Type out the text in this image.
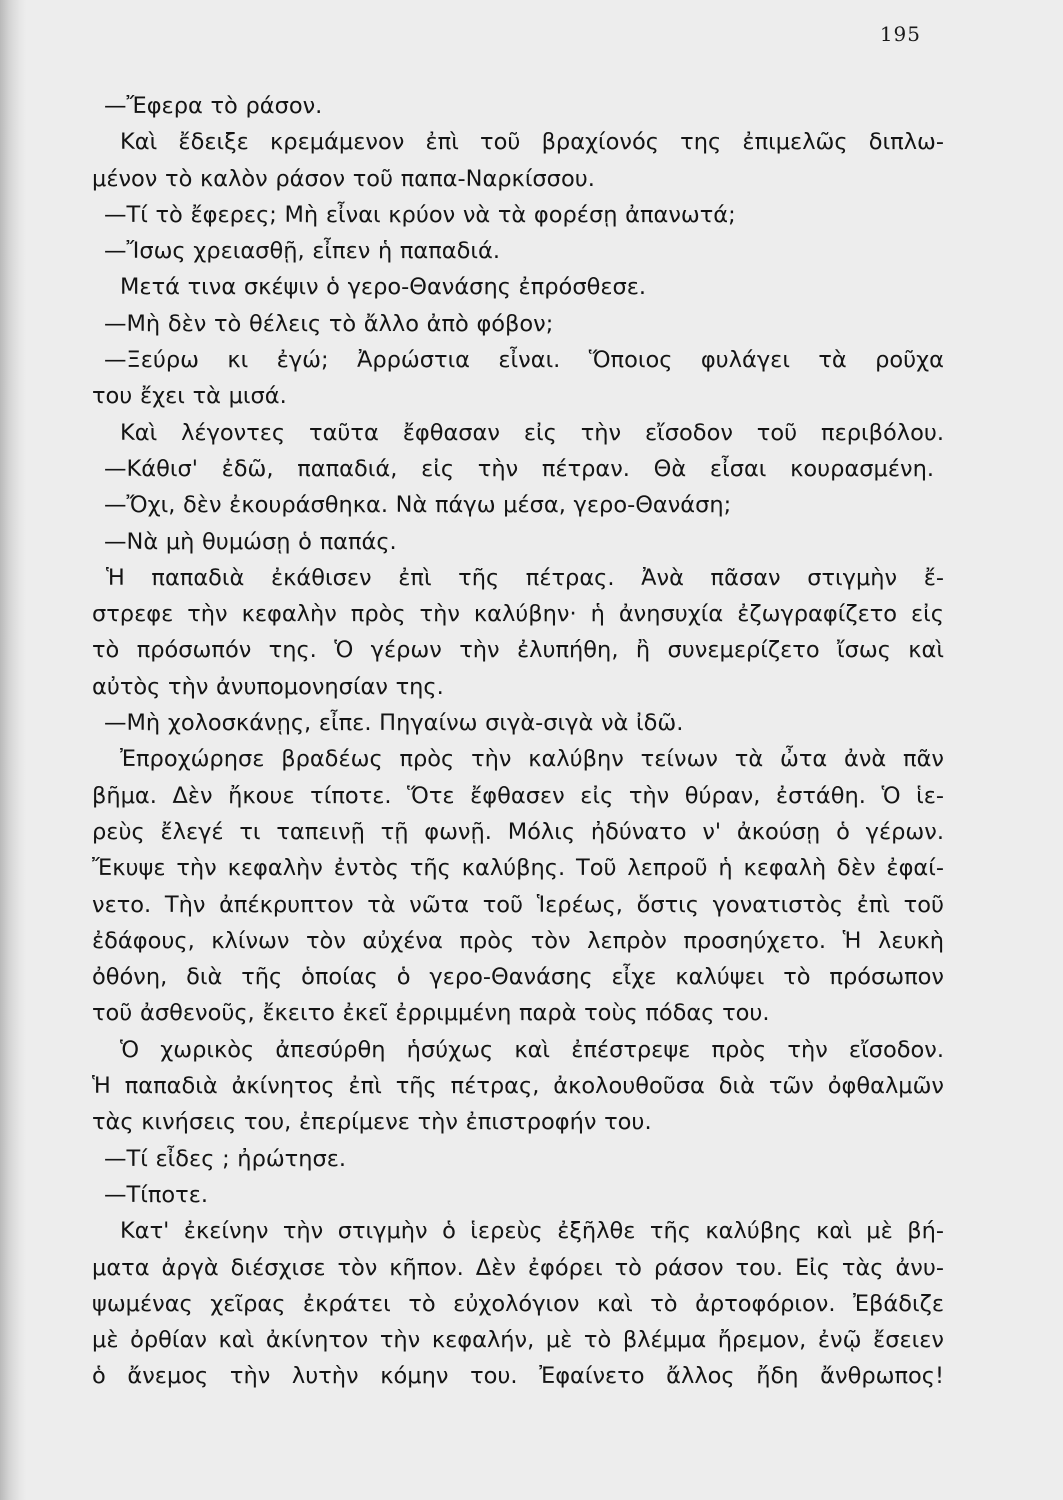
195
—Ἔφερα τὸ ράσον.
Καὶ ἔδειξε κρεμάμενον ἐπὶ τοῦ βραχίονός της ἐπιμελῶς διπλω-
μένον τὸ καλὸν ράσον τοῦ παπα-Ναρκίσσου.
—Τί τὸ ἔφερες; Μὴ εἶναι κρύον νὰ τὰ φορέσῃ ἀπανωτά;
—Ἴσως χρειασθῇ, εἶπεν ἡ παπαδιά.
Μετά τινα σκέψιν ὁ γερο-Θανάσης ἐπρόσθεσε.
—Μὴ δὲν τὸ θέλεις τὸ ἄλλο ἀπὸ φόβον;
—Ξεύρω κι ἐγώ; Ἀρρώστια εἶναι. Ὅποιος φυλάγει τὰ ροῦχα
του ἔχει τὰ μισά.
Καὶ λέγοντες ταῦτα ἔφθασαν εἰς τὴν εἴσοδον τοῦ περιβόλου.
—Κάθισ' ἐδῶ, παπαδιά, εἰς τὴν πέτραν. Θὰ εἶσαι κουρασμένη.
—Ὄχι, δὲν ἐκουράσθηκα. Νὰ πάγω μέσα, γερο-Θανάση;
—Νὰ μὴ θυμώσῃ ὁ παπάς.
Ἡ παπαδιὰ ἐκάθισεν ἐπὶ τῆς πέτρας. Ἀνὰ πᾶσαν στιγμὴν ἔ-
στρεφε τὴν κεφαλὴν πρὸς τὴν καλύβην· ἡ ἀνησυχία ἐζωγραφίζετο εἰς
τὸ πρόσωπόν της. Ὁ γέρων τὴν ἐλυπήθη, ἢ συνεμερίζετο ἴσως καὶ
αὐτὸς τὴν ἀνυπομονησίαν της.
—Μὴ χολοσκάνῃς, εἶπε. Πηγαίνω σιγὰ-σιγὰ νὰ ἰδῶ.
Ἐπροχώρησε βραδέως πρὸς τὴν καλύβην τείνων τὰ ὦτα ἀνὰ πᾶν
βῆμα. Δὲν ἤκουε τίποτε. Ὅτε ἔφθασεν εἰς τὴν θύραν, ἐστάθη. Ὁ ἱε-
ρεὺς ἔλεγέ τι ταπεινῇ τῇ φωνῇ. Μόλις ἠδύνατο ν' ἀκούσῃ ὁ γέρων.
Ἔκυψε τὴν κεφαλὴν ἐντὸς τῆς καλύβης. Τοῦ λεπροῦ ἡ κεφαλὴ δὲν ἐφαί-
νετο. Τὴν ἀπέκρυπτον τὰ νῶτα τοῦ Ἱερέως, ὅστις γονατιστὸς ἐπὶ τοῦ
ἐδάφους, κλίνων τὸν αὐχένα πρὸς τὸν λεπρὸν προσηύχετο. Ἡ λευκὴ
ὀθόνη, διὰ τῆς ὁποίας ὁ γερο-Θανάσης εἶχε καλύψει τὸ πρόσωπον
τοῦ ἀσθενοῦς, ἔκειτο ἐκεῖ ἐρριμμένη παρὰ τοὺς πόδας του.
Ὁ χωρικὸς ἀπεσύρθη ἡσύχως καὶ ἐπέστρεψε πρὸς τὴν εἴσοδον.
Ἡ παπαδιὰ ἀκίνητος ἐπὶ τῆς πέτρας, ἀκολουθοῦσα διὰ τῶν ὀφθαλμῶν
τὰς κινήσεις του, ἐπερίμενε τὴν ἐπιστροφήν του.
—Τί εἶδες ; ἠρώτησε.
—Τίποτε.
Κατ' ἐκείνην τὴν στιγμὴν ὁ ἱερεὺς ἐξῆλθε τῆς καλύβης καὶ μὲ βή-
ματα ἀργὰ διέσχισε τὸν κῆπον. Δὲν ἐφόρει τὸ ράσον του. Εἰς τὰς ἀνυ-
ψωμένας χεῖρας ἐκράτει τὸ εὐχολόγιον καὶ τὸ ἀρτοφόριον. Ἐβάδιζε
μὲ ὀρθίαν καὶ ἀκίνητον τὴν κεφαλήν, μὲ τὸ βλέμμα ἤρεμον, ἐνῷ ἔσειεν
ὁ ἄνεμος τὴν λυτὴν κόμην του. Ἐφαίνετο ἄλλος ἤδη ἄνθρωπος!
